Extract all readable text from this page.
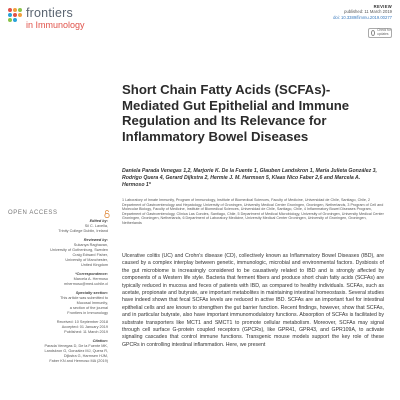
frontiers
in Immunology
REVIEW
published: 11 March 2019
doi: 10.3389/fimmu.2019.00277
Check for updates
Short Chain Fatty Acids (SCFAs)-Mediated Gut Epithelial and Immune Regulation and Its Relevance for Inflammatory Bowel Diseases
Daniela Parada Venegas 1,2, Marjorie K. De la Fuente 1, Glauben Landskron 1, María Julieta González 3, Rodrigo Quera 4, Gerard Dijkstra 2, Hermie J. M. Harmsen 5, Klaas Nico Faber 2,6 and Marcela A. Hermoso 1*
1 Laboratory of Innate Immunity, Program of Immunology, Institute of Biomedical Sciences, Faculty of Medicine, Universidad de Chile, Santiago, Chile, 2 Department of Gastroenterology and Hepatology, University of Groningen, University Medical Center Groningen, Groningen, Netherlands, 3 Program of Cell and Molecular Biology, Faculty of Medicine, Institute of Biomedical Sciences, Universidad de Chile, Santiago, Chile, 4 Inflammatory Bowel Diseases Program, Department of Gastroenterology, Clínica Las Condes, Santiago, Chile, 5 Department of Medical Microbiology, University of Groningen, University Medical Center Groningen, Groningen, Netherlands, 6 Department of Laboratory Medicine, University Medical Center Groningen, University of Groningen, Groningen, Netherlands
Ulcerative colitis (UC) and Crohn's disease (CD), collectively known as Inflammatory Bowel Diseases (IBD), are caused by a complex interplay between genetic, immunologic, microbial and environmental factors. Dysbiosis of the gut microbiome is increasingly considered to be causatively related to IBD and is strongly affected by components of a Western life style. Bacteria that ferment fibers and produce short chain fatty acids (SCFAs) are typically reduced in mucosa and feces of patients with IBD, as compared to healthy individuals. SCFAs, such as acetate, propionate and butyrate, are important metabolites in maintaining intestinal homeostasis. Several studies have indeed shown that fecal SCFAs levels are reduced in active IBD. SCFAs are an important fuel for intestinal epithelial cells and are known to strengthen the gut barrier function. Recent findings, however, show that SCFAs, and in particular butyrate, also have important immunomodulatory functions. Absorption of SCFAs is facilitated by substrate transporters like MCT1 and SMCT1 to promote cellular metabolism. Moreover, SCFAs may signal through cell surface G-protein coupled receptors (GPCRs), like GPR41, GPR43, and GPR109A, to activate signaling cascades that control immune functions. Transgenic mouse models support the key role of these GPCRs in controlling intestinal inflammation. Here, we present
OPEN ACCESS
Edited by:
Sil C. Lavella,
Trinity College Dublin, Ireland
Reviewed by:
Sukanya Raghavan,
University of Gothenburg, Sweden
Craig Edward Fisher,
University of Manchester,
United Kingdom
*Correspondence:
Marcela A. Hermoso
mhermoso@med.uchile.cl
Specialty section:
This article was submitted to
Mucosal Immunity,
a section of the journal
Frontiers in Immunology
Received: 10 September 2018
Accepted: 01 January 2019
Published: 11 March 2019
Citation:
Parada Venegas D, De la Fuente MK,
Landskron G, González MJ, Quera R,
Dijkstra G, Harmsen HJM,
Faber KN and Hermoso MA (2019)
